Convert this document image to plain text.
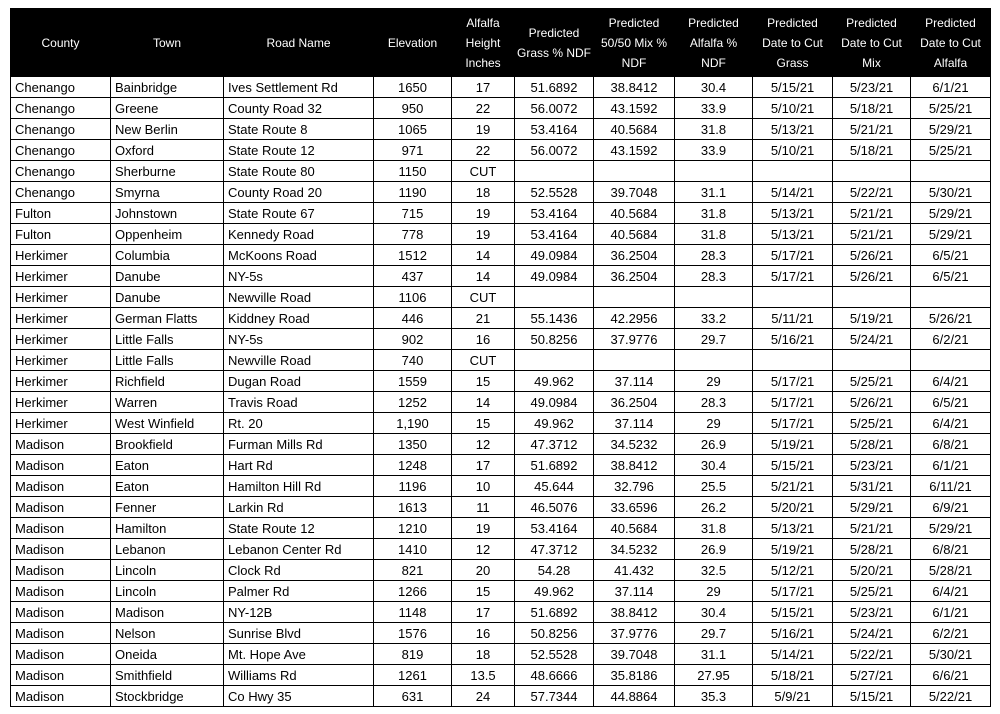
County	Town	Road Name	Elevation	Alfalfa Height Inches	Predicted Grass % NDF	Predicted 50/50 Mix % NDF	Predicted Alfalfa % NDF	Predicted Date to Cut Grass	Predicted Date to Cut Mix	Predicted Date to Cut Alfalfa
Chenango	Bainbridge	Ives Settlement Rd	1650	17	51.6892	38.8412	30.4	5/15/21	5/23/21	6/1/21
Chenango	Greene	County Road 32	950	22	56.0072	43.1592	33.9	5/10/21	5/18/21	5/25/21
Chenango	New Berlin	State Route 8	1065	19	53.4164	40.5684	31.8	5/13/21	5/21/21	5/29/21
Chenango	Oxford	State Route 12	971	22	56.0072	43.1592	33.9	5/10/21	5/18/21	5/25/21
Chenango	Sherburne	State Route 80	1150	CUT						
Chenango	Smyrna	County Road 20	1190	18	52.5528	39.7048	31.1	5/14/21	5/22/21	5/30/21
Fulton	Johnstown	State Route 67	715	19	53.4164	40.5684	31.8	5/13/21	5/21/21	5/29/21
Fulton	Oppenheim	Kennedy Road	778	19	53.4164	40.5684	31.8	5/13/21	5/21/21	5/29/21
Herkimer	Columbia	McKoons Road	1512	14	49.0984	36.2504	28.3	5/17/21	5/26/21	6/5/21
Herkimer	Danube	NY-5s	437	14	49.0984	36.2504	28.3	5/17/21	5/26/21	6/5/21
Herkimer	Danube	Newville Road	1106	CUT						
Herkimer	German Flatts	Kiddney Road	446	21	55.1436	42.2956	33.2	5/11/21	5/19/21	5/26/21
Herkimer	Little Falls	NY-5s	902	16	50.8256	37.9776	29.7	5/16/21	5/24/21	6/2/21
Herkimer	Little Falls	Newville Road	740	CUT						
Herkimer	Richfield	Dugan Road	1559	15	49.962	37.114	29	5/17/21	5/25/21	6/4/21
Herkimer	Warren	Travis Road	1252	14	49.0984	36.2504	28.3	5/17/21	5/26/21	6/5/21
Herkimer	West Winfield	Rt. 20	1,190	15	49.962	37.114	29	5/17/21	5/25/21	6/4/21
Madison	Brookfield	Furman Mills Rd	1350	12	47.3712	34.5232	26.9	5/19/21	5/28/21	6/8/21
Madison	Eaton	Hart Rd	1248	17	51.6892	38.8412	30.4	5/15/21	5/23/21	6/1/21
Madison	Eaton	Hamilton Hill Rd	1196	10	45.644	32.796	25.5	5/21/21	5/31/21	6/11/21
Madison	Fenner	Larkin Rd	1613	11	46.5076	33.6596	26.2	5/20/21	5/29/21	6/9/21
Madison	Hamilton	State Route 12	1210	19	53.4164	40.5684	31.8	5/13/21	5/21/21	5/29/21
Madison	Lebanon	Lebanon Center Rd	1410	12	47.3712	34.5232	26.9	5/19/21	5/28/21	6/8/21
Madison	Lincoln	Clock Rd	821	20	54.28	41.432	32.5	5/12/21	5/20/21	5/28/21
Madison	Lincoln	Palmer Rd	1266	15	49.962	37.114	29	5/17/21	5/25/21	6/4/21
Madison	Madison	NY-12B	1148	17	51.6892	38.8412	30.4	5/15/21	5/23/21	6/1/21
Madison	Nelson	Sunrise Blvd	1576	16	50.8256	37.9776	29.7	5/16/21	5/24/21	6/2/21
Madison	Oneida	Mt. Hope Ave	819	18	52.5528	39.7048	31.1	5/14/21	5/22/21	5/30/21
Madison	Smithfield	Williams Rd	1261	13.5	48.6666	35.8186	27.95	5/18/21	5/27/21	6/6/21
Madison	Stockbridge	Co Hwy 35	631	24	57.7344	44.8864	35.3	5/9/21	5/15/21	5/22/21
